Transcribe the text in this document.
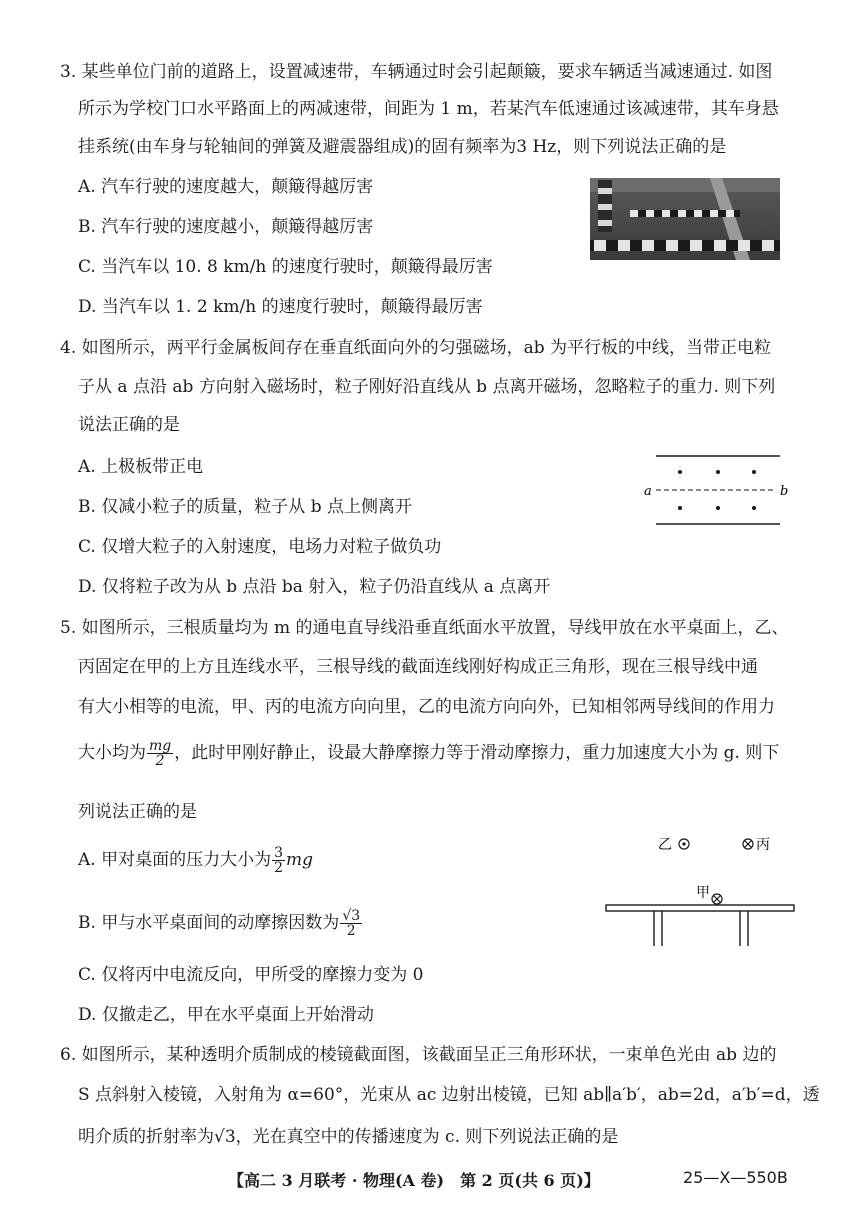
3. 某些单位门前的道路上，设置减速带，车辆通过时会引起颠簸，要求车辆适当减速通过. 如图
所示为学校门口水平路面上的两减速带，间距为 1 m，若某汽车低速通过该减速带，其车身悬
挂系统(由车身与轮轴间的弹簧及避震器组成)的固有频率为3 Hz，则下列说法正确的是
A. 汽车行驶的速度越大，颠簸得越厉害
B. 汽车行驶的速度越小，颠簸得越厉害
C. 当汽车以 10. 8 km/h 的速度行驶时，颠簸得最厉害
D. 当汽车以 1. 2 km/h 的速度行驶时，颠簸得最厉害
4. 如图所示，两平行金属板间存在垂直纸面向外的匀强磁场，ab 为平行板的中线，当带正电粒
子从 a 点沿 ab 方向射入磁场时，粒子刚好沿直线从 b 点离开磁场，忽略粒子的重力. 则下列
说法正确的是
A. 上极板带正电
B. 仅减小粒子的质量，粒子从 b 点上侧离开
C. 仅增大粒子的入射速度，电场力对粒子做负功
D. 仅将粒子改为从 b 点沿 ba 射入，粒子仍沿直线从 a 点离开
a	b
5. 如图所示，三根质量均为 m 的通电直导线沿垂直纸面水平放置，导线甲放在水平桌面上，乙、
丙固定在甲的上方且连线水平，三根导线的截面连线刚好构成正三角形，现在三根导线中通
有大小相等的电流，甲、丙的电流方向向里，乙的电流方向向外，已知相邻两导线间的作用力
大小均为 $\frac{mg}{2}$ ，此时甲刚好静止，设最大静摩擦力等于滑动摩擦力，重力加速度大小为 g. 则下
列说法正确的是
A. 甲对桌面的压力大小为 $\frac{3}{2}$ mg
B. 甲与水平桌面间的动摩擦因数为 $\frac{√3}{2}$
C. 仅将丙中电流反向，甲所受的摩擦力变为 0
D. 仅撤走乙，甲在水平桌面上开始滑动
乙	丙
甲
6. 如图所示，某种透明介质制成的棱镜截面图，该截面呈正三角形环状，一束单色光由 ab 边的
S 点斜射入棱镜，入射角为 α=60°，光束从 ac 边射出棱镜，已知 ab∥a′b′，ab=2d，a′b′=d，透
明介质的折射率为√3，光在真空中的传播速度为 c. 则下列说法正确的是
【高二 3 月联考 · 物理(A 卷)　第 2 页(共 6 页)】	25—X—550B
